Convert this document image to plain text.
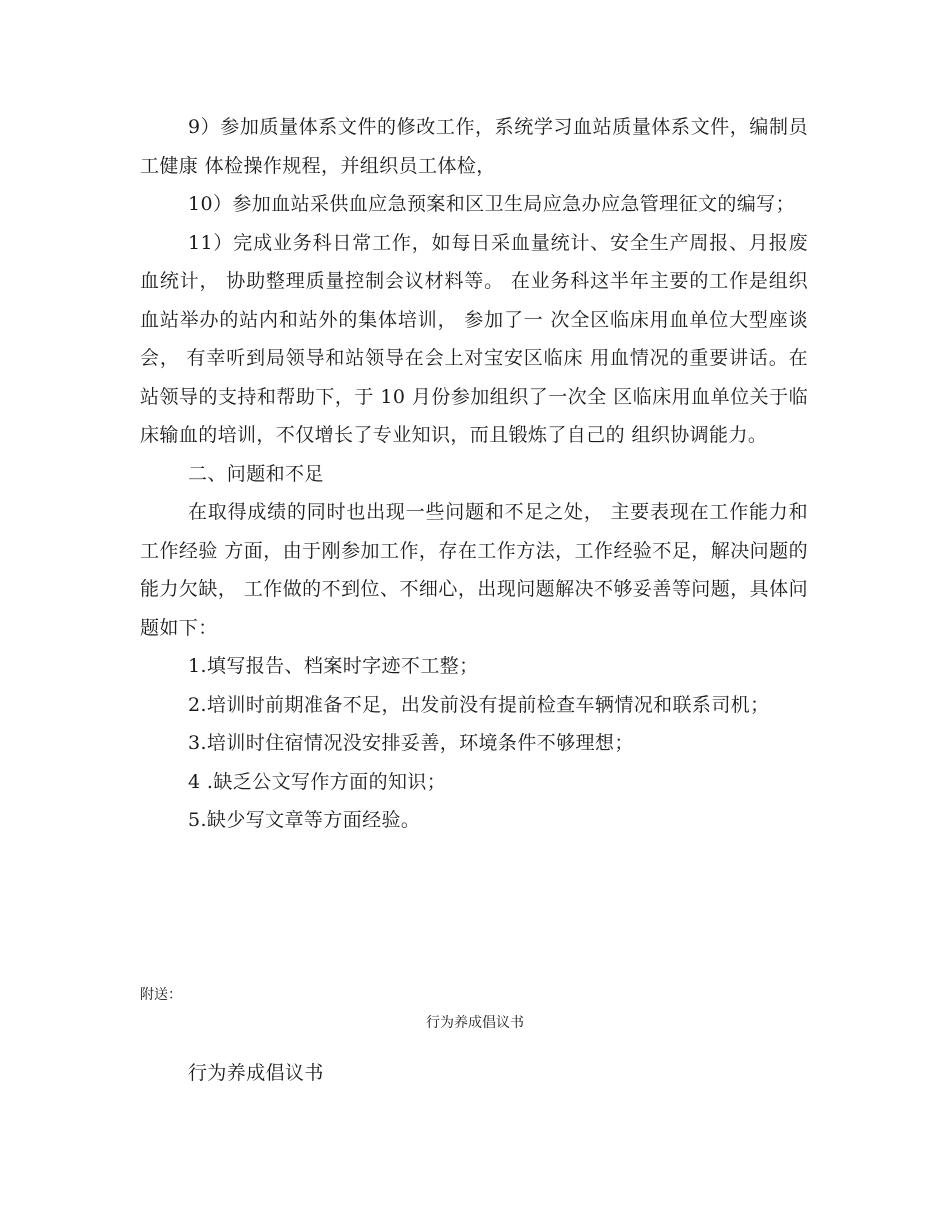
9）参加质量体系文件的修改工作，系统学习血站质量体系文件，编制员工健康 体检操作规程，并组织员工体检，

10）参加血站采供血应急预案和区卫生局应急办应急管理征文的编写；

11）完成业务科日常工作，如每日采血量统计、安全生产周报、月报废血统计， 协助整理质量控制会议材料等。 在业务科这半年主要的工作是组织血站举办的站内和站外的集体培训， 参加了一 次全区临床用血单位大型座谈会， 有幸听到局领导和站领导在会上对宝安区临床 用血情况的重要讲话。在站领导的支持和帮助下，于 10 月份参加组织了一次全 区临床用血单位关于临床输血的培训，不仅增长了专业知识，而且锻炼了自己的 组织协调能力。

二、问题和不足

在取得成绩的同时也出现一些问题和不足之处， 主要表现在工作能力和工作经验 方面，由于刚参加工作，存在工作方法，工作经验不足，解决问题的能力欠缺， 工作做的不到位、不细心，出现问题解决不够妥善等问题，具体问题如下：

1.填写报告、档案时字迹不工整；

2.培训时前期准备不足，出发前没有提前检查车辆情况和联系司机；

3.培训时住宿情况没安排妥善，环境条件不够理想；

4 .缺乏公文写作方面的知识；

5.缺少写文章等方面经验。

附送：
行为养成倡议书
行为养成倡议书
